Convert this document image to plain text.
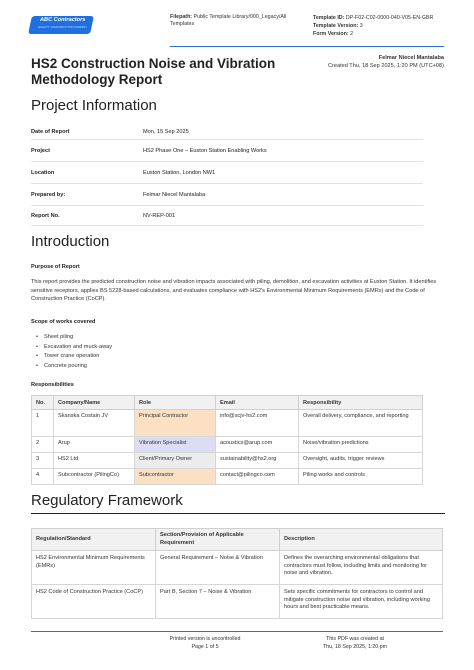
ABC Contractors
QUALITY CONSTRUCTION COMPANY
Filepath: Public Template Library/000_Legacy/All Templates
Template ID: DP-F02-C02-0000-040-V05-EN-GBR
Template Version: 3
Form Version: 2
HS2 Construction Noise and Vibration Methodology Report
Felmar Niecel Mantalaba
Created Thu, 18 Sep 2025, 1:20 PM (UTC+08)
Project Information
Date of Report	Mon, 15 Sep 2025
Project	HS2 Phase One – Euston Station Enabling Works
Location	Euston Station, London NW1
Prepared by:	Felmar Niecel Mantalaba
Report No.	NV-REP-001
Introduction
Purpose of Report
This report provides the predicted construction noise and vibration impacts associated with piling, demolition, and excavation activities at Euston Station. It identifies sensitive receptors, applies BS 5228-based calculations, and evaluates compliance with HS2's Environmental Minimum Requirements (EMRs) and the Code of Construction Practice (CoCP).
Scope of works covered
• Sheet piling
• Excavation and muck-away
• Tower crane operation
• Concrete pouring
Responsibilities
No.	Company/Name	Role	Email	Responsibility
1	Skanska Costain JV	Principal Contractor	info@scjv-hs2.com	Overall delivery, compliance, and reporting
2	Arup	Vibration Specialist	acoustics@arup.com	Noise/vibration predictions
3	HS2 Ltd	Client/Primary Owner	sustainability@hs2.org	Oversight, audits, trigger reviews
4	Subcontractor (PilingCo)	Subcontractor	contact@pilingco.com	Piling works and controls
Regulatory Framework
Regulation/Standard	Section/Provision of Applicable Requirement	Description
HS2 Environmental Minimum Requirements (EMRs)	General Requirement – Noise & Vibration	Defines the overarching environmental obligations that contractors must follow, including limits and monitoring for noise and vibration.
HS2 Code of Construction Practice (CoCP)	Part B, Section 7 – Noise & Vibration	Sets specific commitments for contractors to control and mitigate construction noise and vibration, including working hours and best practicable means.
Printed version is uncontrolled
Page 1 of 5
This PDF was created at
Thu, 18 Sep 2025, 1:20 pm
